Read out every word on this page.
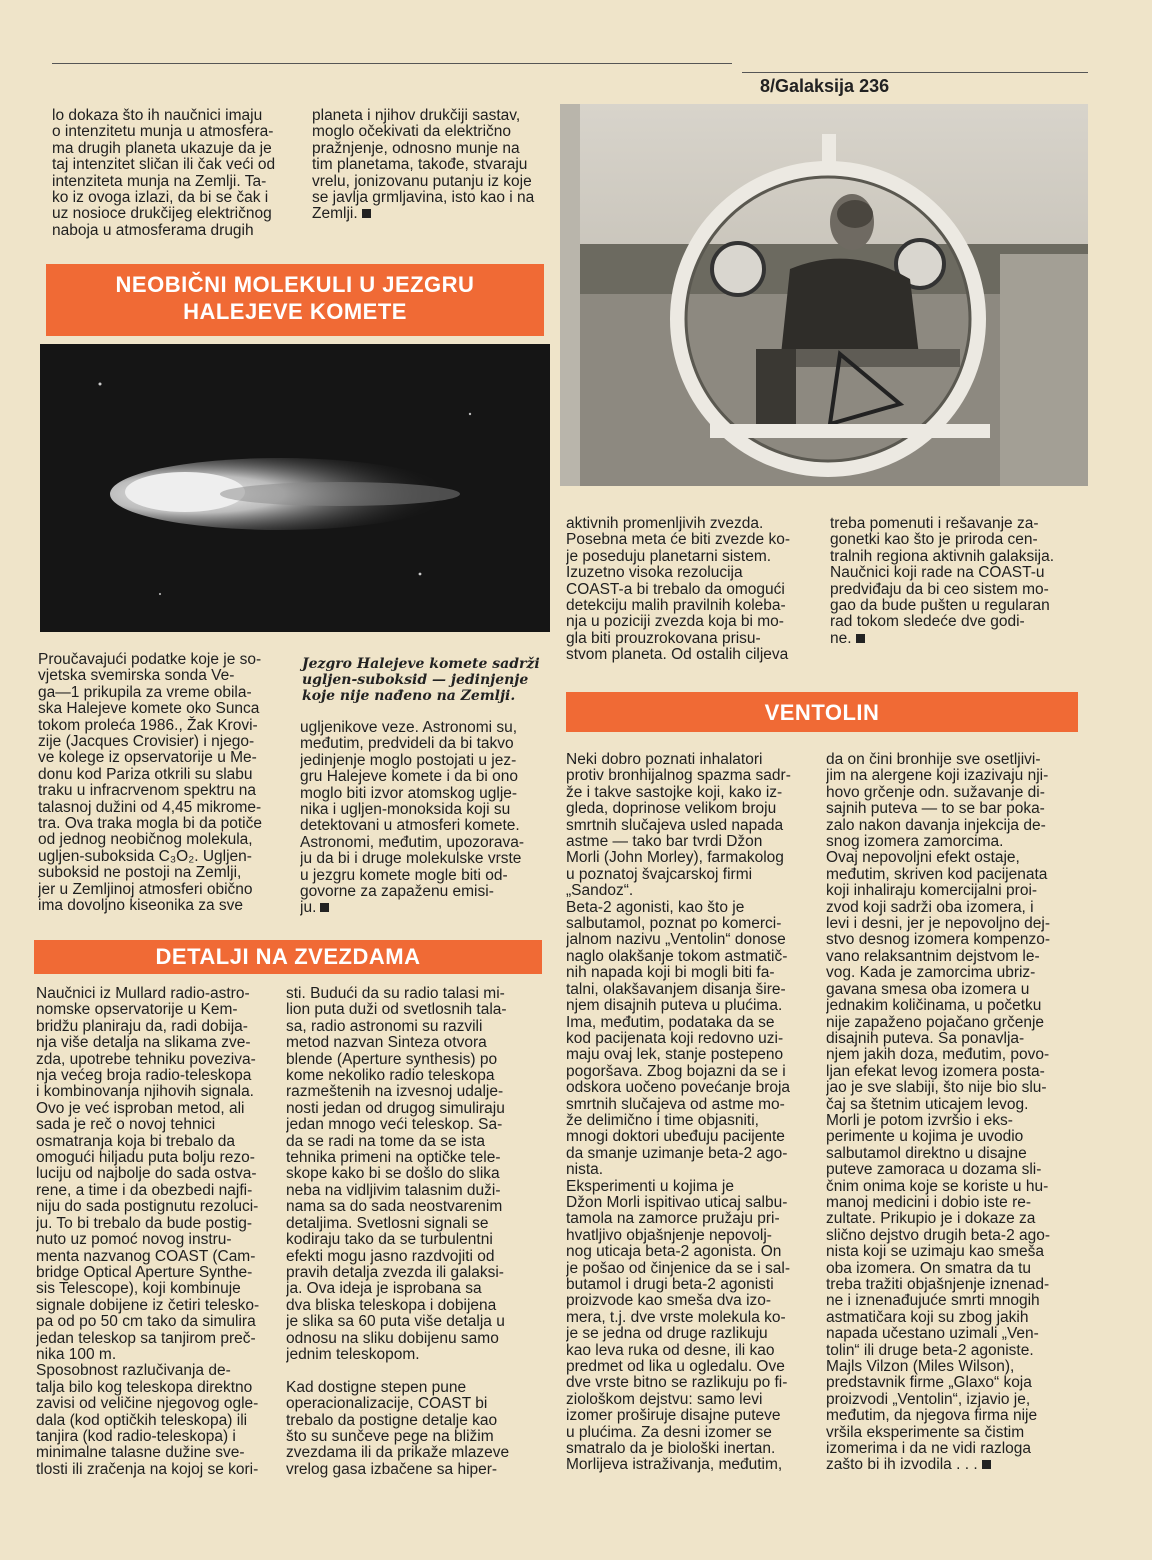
8/Galaksija 236
lo dokaza što ih naučnici imaju
o intenzitetu munja u atmosfera-
ma drugih planeta ukazuje da je
taj intenzitet sličan ili čak veći od
intenziteta munja na Zemlji. Ta-
ko iz ovoga izlazi, da bi se čak i
uz nosioce drukčijeg električnog
naboja u atmosferama drugih
planeta i njihov drukčiji sastav,
moglo očekivati da električno
pražnjenje, odnosno munje na
tim planetama, takođe, stvaraju
vrelu, jonizovanu putanju iz koje
se javlja grmljavina, isto kao i na
Zemlji.
NEOBIČNI MOLEKULI U JEZGRU
HALEJEVE KOMETE
Proučavajući podatke koje je so-
vjetska svemirska sonda Ve-
ga—1 prikupila za vreme obila-
ska Halejeve komete oko Sunca
tokom proleća 1986., Žak Krovi-
zije (Jacques Crovisier) i njego-
ve kolege iz opservatorije u Me-
donu kod Pariza otkrili su slabu
traku u infracrvenom spektru na
talasnoj dužini od 4,45 mikrome-
tra. Ova traka mogla bi da potiče
od jednog neobičnog molekula,
ugljen-suboksida C₃O₂. Ugljen-
suboksid ne postoji na Zemlji,
jer u Zemljinoj atmosferi obično
ima dovoljno kiseonika za sve
Jezgro Halejeve komete sadrži
ugljen-suboksid — jedinjenje
koje nije nađeno na Zemlji.
ugljenikove veze. Astronomi su,
međutim, predvideli da bi takvo
jedinjenje moglo postojati u jez-
gru Halejeve komete i da bi ono
moglo biti izvor atomskog uglje-
nika i ugljen-monoksida koji su
detektovani u atmosferi komete.
Astronomi, međutim, upozorava-
ju da bi i druge molekulske vrste
u jezgru komete mogle biti od-
govorne za zapaženu emisi-
ju.
DETALJI NA ZVEZDAMA
Naučnici iz Mullard radio-astro-
nomske opservatorije u Kem-
bridžu planiraju da, radi dobija-
nja više detalja na slikama zve-
zda, upotrebe tehniku poveziva-
nja većeg broja radio-teleskopa
i kombinovanja njihovih signala.
Ovo je već isproban metod, ali
sada je reč o novoj tehnici
osmatranja koja bi trebalo da
omogući hiljadu puta bolju rezo-
luciju od najbolje do sada ostva-
rene, a time i da obezbedi najfi-
niju do sada postignutu rezoluci-
ju. To bi trebalo da bude postig-
nuto uz pomoć novog instru-
menta nazvanog COAST (Cam-
bridge Optical Aperture Synthe-
sis Telescope), koji kombinuje
signale dobijene iz četiri telesko-
pa od po 50 cm tako da simulira
jedan teleskop sa tanjirom preč-
nika 100 m.
Sposobnost razlučivanja de-
talja bilo kog teleskopa direktno
zavisi od veličine njegovog ogle-
dala (kod optičkih teleskopa) ili
tanjira (kod radio-teleskopa) i
minimalne talasne dužine sve-
tlosti ili zračenja na kojoj se kori-
sti. Budući da su radio talasi mi-
lion puta duži od svetlosnih tala-
sa, radio astronomi su razvili
metod nazvan Sinteza otvora
blende (Aperture synthesis) po
kome nekoliko radio teleskopa
razmeštenih na izvesnoj udalje-
nosti jedan od drugog simuliraju
jedan mnogo veći teleskop. Sa-
da se radi na tome da se ista
tehnika primeni na optičke tele-
skope kako bi se došlo do slika
neba na vidljivim talasnim duži-
nama sa do sada neostvarenim
detaljima. Svetlosni signali se
kodiraju tako da se turbulentni
efekti mogu jasno razdvojiti od
pravih detalja zvezda ili galaksi-
ja. Ova ideja je isprobana sa
dva bliska teleskopa i dobijena
je slika sa 60 puta više detalja u
odnosu na sliku dobijenu samo
jednim teleskopom.

Kad dostigne stepen pune
operacionalizacije, COAST bi
trebalo da postigne detalje kao
što su sunčeve pege na bližim
zvezdama ili da prikaže mlazeve
vrelog gasa izbačene sa hiper-
aktivnih promenljivih zvezda.
Posebna meta će biti zvezde ko-
je poseduju planetarni sistem.
Izuzetno visoka rezolucija
COAST-a bi trebalo da omogući
detekciju malih pravilnih koleba-
nja u poziciji zvezda koja bi mo-
gla biti prouzrokovana prisu-
stvom planeta. Od ostalih ciljeva
treba pomenuti i rešavanje za-
gonetki kao što je priroda cen-
tralnih regiona aktivnih galaksija.
Naučnici koji rade na COAST-u
predviđaju da bi ceo sistem mo-
gao da bude pušten u regularan
rad tokom sledeće dve godi-
ne.
VENTOLIN
Neki dobro poznati inhalatori
protiv bronhijalnog spazma sadr-
že i takve sastojke koji, kako iz-
gleda, doprinose velikom broju
smrtnih slučajeva usled napada
astme — tako bar tvrdi Džon
Morli (John Morley), farmakolog
u poznatoj švajcarskoj firmi
„Sandoz“.
Beta-2 agonisti, kao što je
salbutamol, poznat po komerci-
jalnom nazivu „Ventolin“ donose
naglo olakšanje tokom astmatič-
nih napada koji bi mogli biti fa-
talni, olakšavanjem disanja šire-
njem disajnih puteva u plućima.
Ima, međutim, podataka da se
kod pacijenata koji redovno uzi-
maju ovaj lek, stanje postepeno
pogoršava. Zbog bojazni da se i
odskora uočeno povećanje broja
smrtnih slučajeva od astme mo-
že delimično i time objasniti,
mnogi doktori ubeđuju pacijente
da smanje uzimanje beta-2 ago-
nista.
Eksperimenti u kojima je
Džon Morli ispitivao uticaj salbu-
tamola na zamorce pružaju pri-
hvatljivo objašnjenje nepovolj-
nog uticaja beta-2 agonista. On
je pošao od činjenice da se i sal-
butamol i drugi beta-2 agonisti
proizvode kao smeša dva izo-
mera, t.j. dve vrste molekula ko-
je se jedna od druge razlikuju
kao leva ruka od desne, ili kao
predmet od lika u ogledalu. Ove
dve vrste bitno se razlikuju po fi-
ziološkom dejstvu: samo levi
izomer proširuje disajne puteve
u plućima. Za desni izomer se
smatralo da je biološki inertan.
Morlijeva istraživanja, međutim,
da on čini bronhije sve osetljivi-
jim na alergene koji izazivaju nji-
hovo grčenje odn. sužavanje di-
sajnih puteva — to se bar poka-
zalo nakon davanja injekcija de-
snog izomera zamorcima.
Ovaj nepovoljni efekt ostaje,
međutim, skriven kod pacijenata
koji inhaliraju komercijalni proi-
zvod koji sadrži oba izomera, i
levi i desni, jer je nepovoljno dej-
stvo desnog izomera kompenzo-
vano relaksantnim dejstvom le-
vog. Kada je zamorcima ubriz-
gavana smesa oba izomera u
jednakim količinama, u početku
nije zapaženo pojačano grčenje
disajnih puteva. Sa ponavlja-
njem jakih doza, međutim, povo-
ljan efekat levog izomera posta-
jao je sve slabiji, što nije bio slu-
čaj sa štetnim uticajem levog.
Morli je potom izvršio i eks-
perimente u kojima je uvodio
salbutamol direktno u disajne
puteve zamoraca u dozama sli-
čnim onima koje se koriste u hu-
manoj medicini i dobio iste re-
zultate. Prikupio je i dokaze za
slično dejstvo drugih beta-2 ago-
nista koji se uzimaju kao smeša
oba izomera. On smatra da tu
treba tražiti objašnjenje iznenad-
ne i iznenađujuće smrti mnogih
astmatičara koji su zbog jakih
napada učestano uzimali „Ven-
tolin“ ili druge beta-2 agoniste.
Majls Vilzon (Miles Wilson),
predstavnik firme „Glaxo“ koja
proizvodi „Ventolin“, izjavio je,
međutim, da njegova firma nije
vršila eksperimente sa čistim
izomerima i da ne vidi razloga
zašto bi ih izvodila . . .
